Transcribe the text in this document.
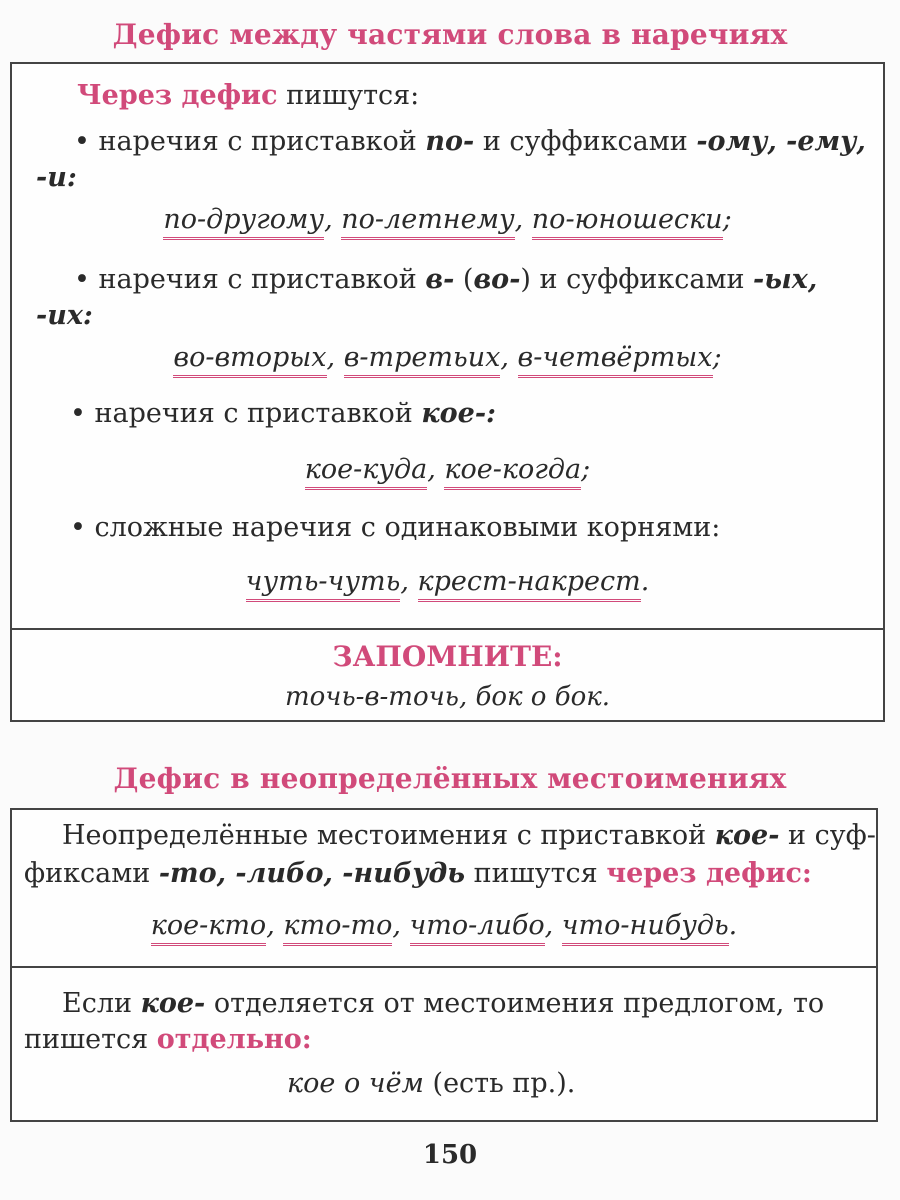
Дефис между частями слова в наречиях
Через дефис пишутся:
• наречия с приставкой по- и суффиксами -ому, -ему,
-и:
по-другому, по-летнему, по-юношески;
• наречия с приставкой в- (во-) и суффиксами -ых,
-их:
во-вторых, в-третьих, в-четвёртых;
• наречия с приставкой кое-:
кое-куда, кое-когда;
• сложные наречия с одинаковыми корнями:
чуть-чуть, крест-накрест.
ЗАПОМНИТЕ:
точь-в-точь, бок о бок.
Дефис в неопределённых местоимениях
Неопределённые местоимения с приставкой кое- и суф-
фиксами -то, -либо, -нибудь пишутся через дефис:
кое-кто, кто-то, что-либо, что-нибудь.
Если кое- отделяется от местоимения предлогом, то
пишется отдельно:
кое о чём (есть пр.).
150
